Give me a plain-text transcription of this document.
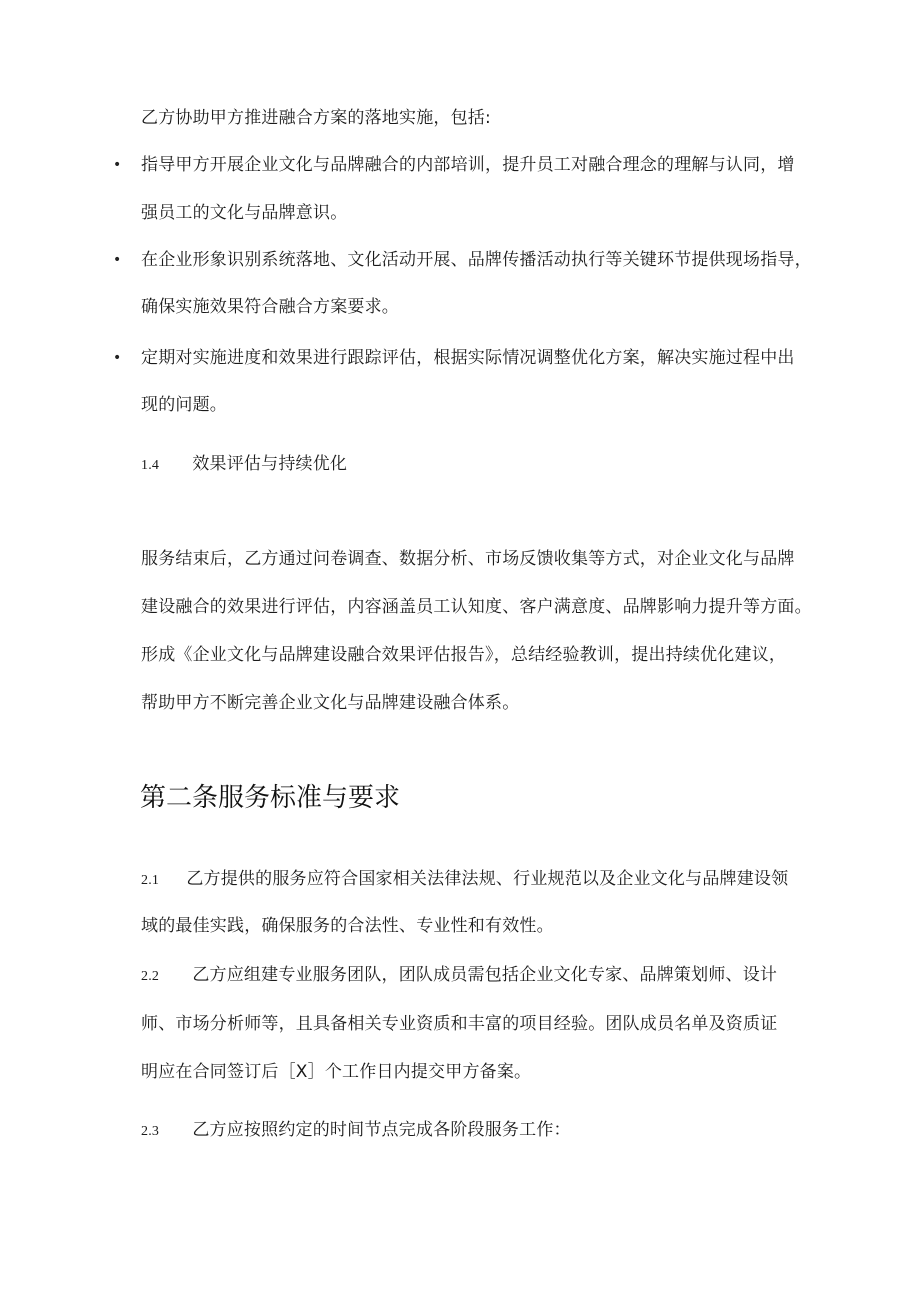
乙方协助甲方推进融合方案的落地实施，包括:
• 指导甲方开展企业文化与品牌融合的内部培训，提升员工对融合理念的理解与认同，增
强员工的文化与品牌意识。
• 在企业形象识别系统落地、文化活动开展、品牌传播活动执行等关键环节提供现场指导，
确保实施效果符合融合方案要求。
• 定期对实施进度和效果进行跟踪评估，根据实际情况调整优化方案，解决实施过程中出
现的问题。
1.4 效果评估与持续优化
服务结束后，乙方通过问卷调查、数据分析、市场反馈收集等方式，对企业文化与品牌
建设融合的效果进行评估，内容涵盖员工认知度、客户满意度、品牌影响力提升等方面。
形成《企业文化与品牌建设融合效果评估报告》，总结经验教训，提出持续优化建议，
帮助甲方不断完善企业文化与品牌建设融合体系。
第二条服务标准与要求
2.1 乙方提供的服务应符合国家相关法律法规、行业规范以及企业文化与品牌建设领
域的最佳实践，确保服务的合法性、专业性和有效性。
2.2 乙方应组建专业服务团队，团队成员需包括企业文化专家、品牌策划师、设计
师、市场分析师等，且具备相关专业资质和丰富的项目经验。团队成员名单及资质证
明应在合同签订后［X］个工作日内提交甲方备案。
2.3 乙方应按照约定的时间节点完成各阶段服务工作：
